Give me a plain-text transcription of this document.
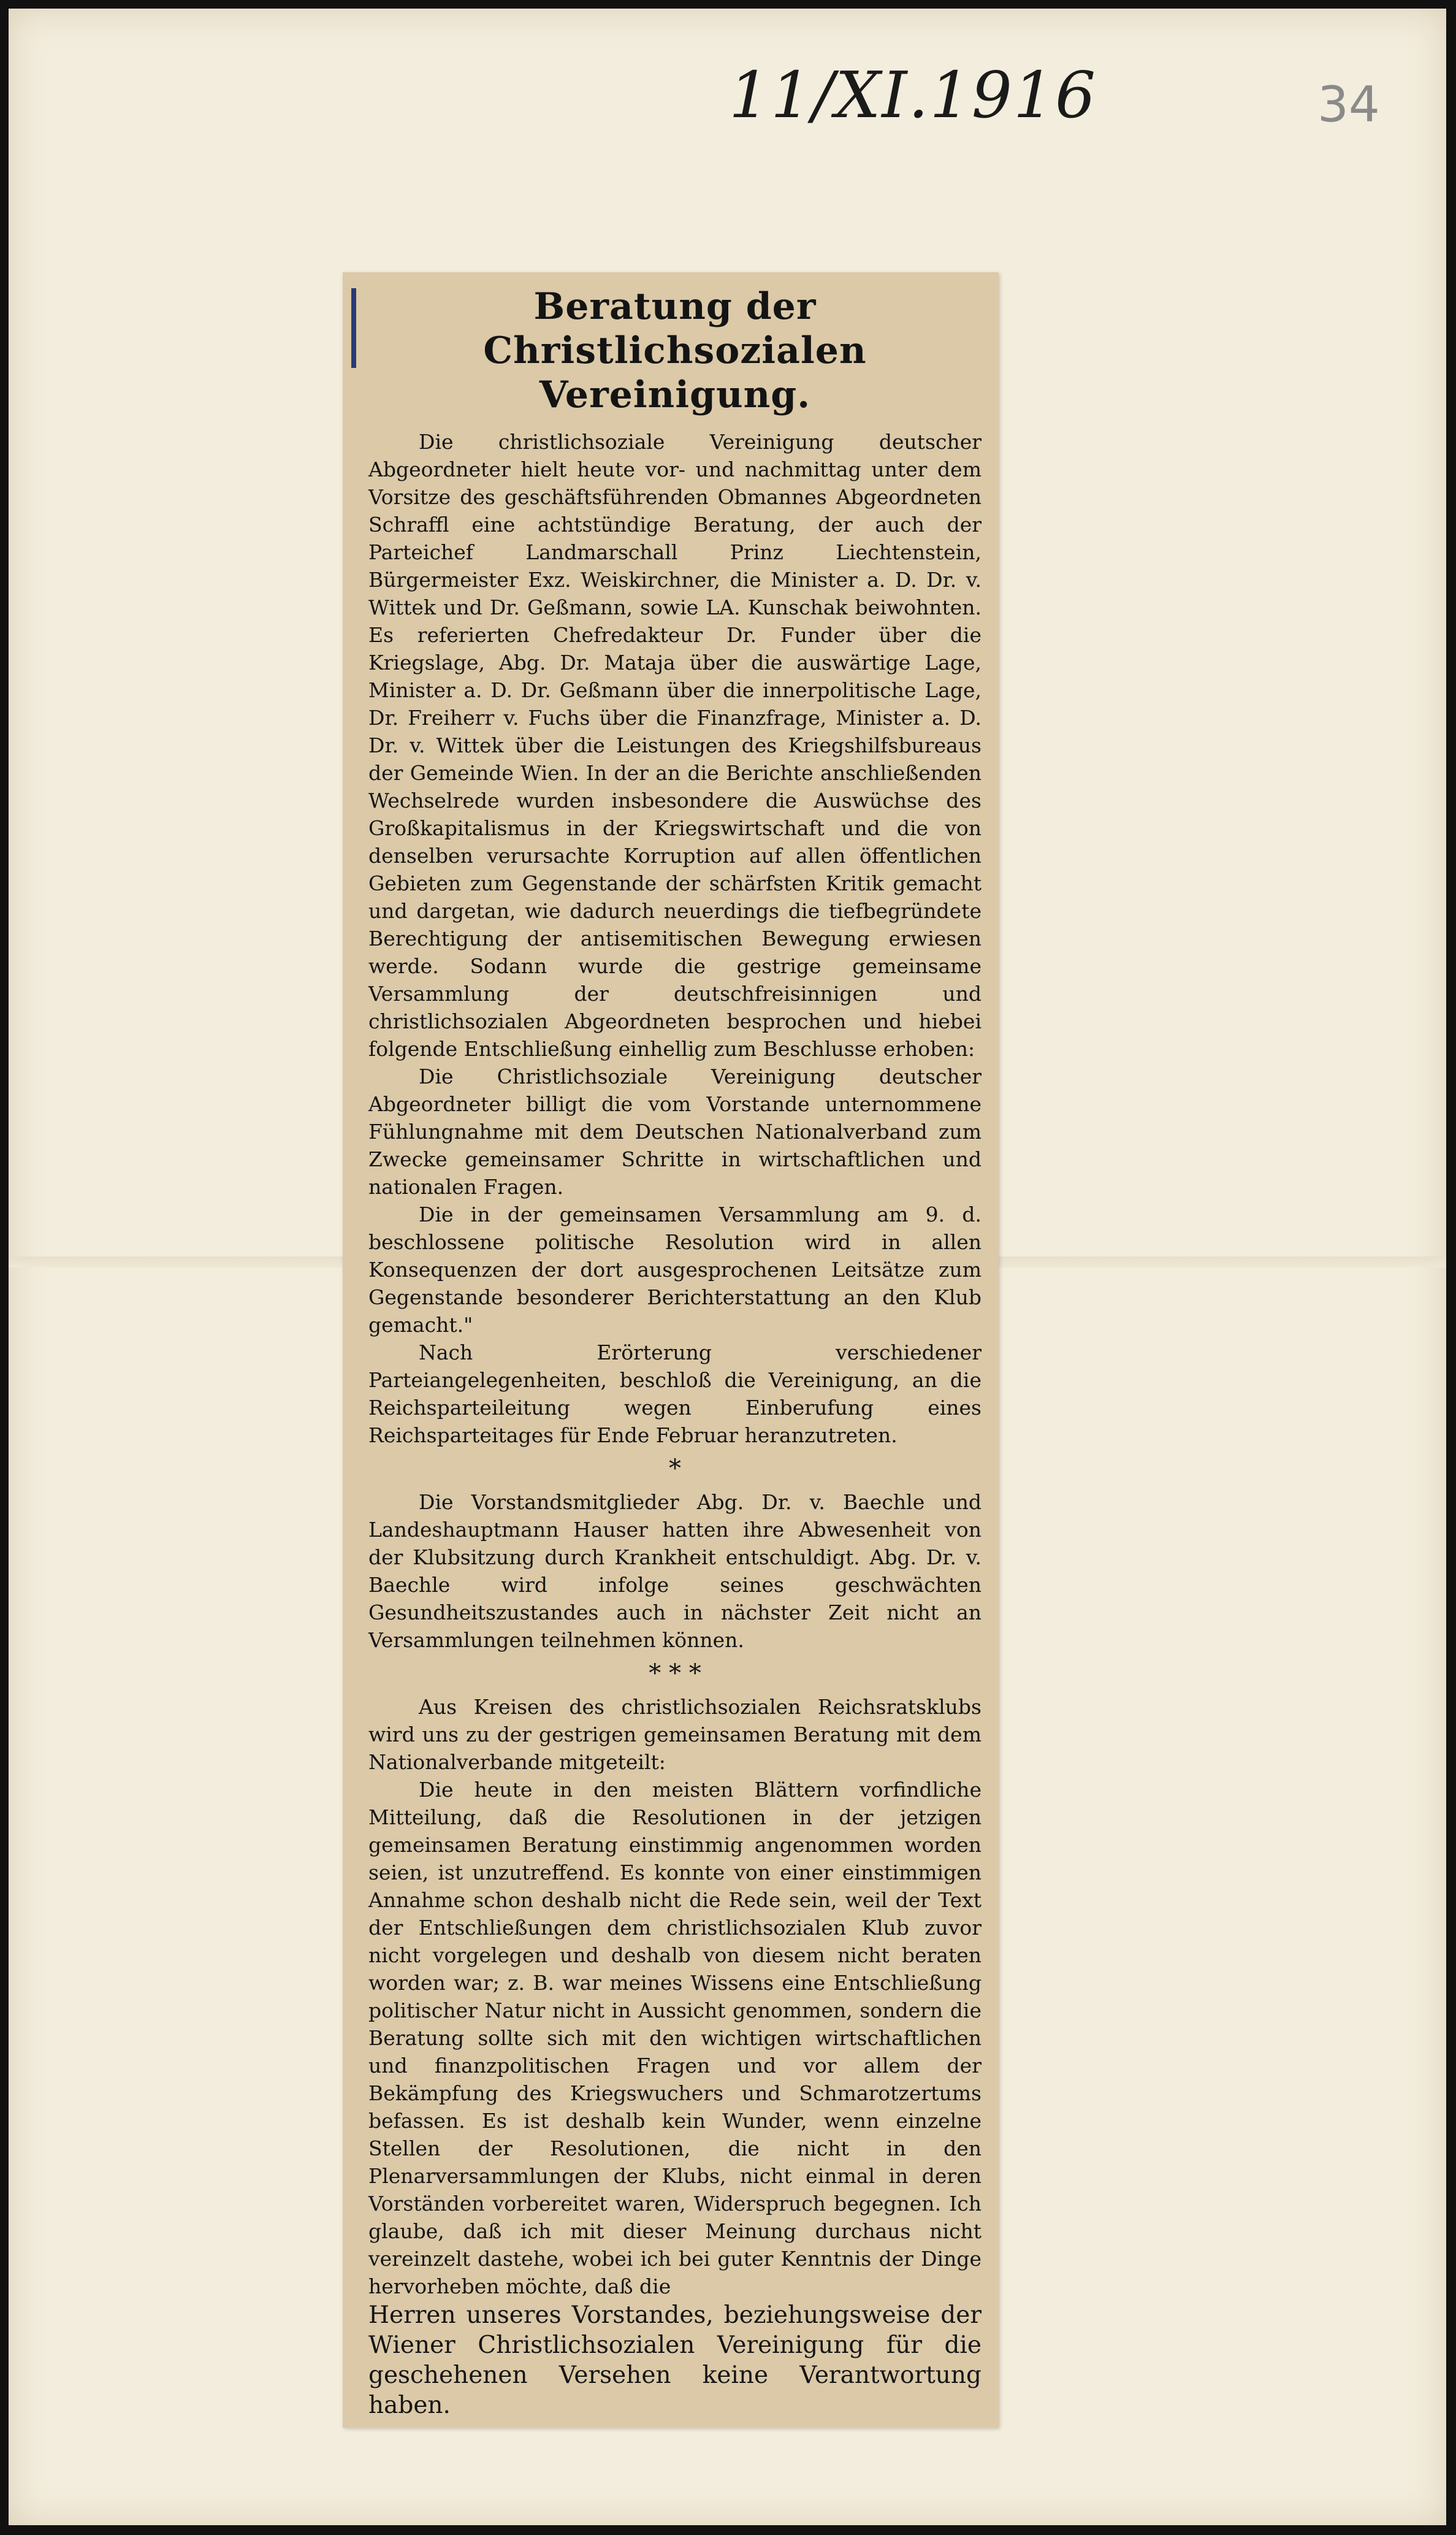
11/XI.1916	34
Beratung der Christlichsozialen Vereinigung.

Die christlichsoziale Vereinigung deutscher Abgeordneter hielt heute vor- und nachmittag unter dem Vorsitze des geschäftsführenden Obmannes Abgeordneten Schraffl eine achtstündige Beratung, der auch der Parteichef Landmarschall Prinz Liechtenstein, Bürgermeister Exz. Weiskirchner, die Minister a. D. Dr. v. Wittek und Dr. Geßmann, sowie LA. Kunschak beiwohnten. Es referierten Chefredakteur Dr. Funder über die Kriegslage, Abg. Dr. Mataja über die auswärtige Lage, Minister a. D. Dr. Geßmann über die innerpolitische Lage, Dr. Freiherr v. Fuchs über die Finanzfrage, Minister a. D. Dr. v. Wittek über die Leistungen des Kriegshilfsbureaus der Gemeinde Wien. In der an die Berichte anschließenden Wechselrede wurden insbesondere die Auswüchse des Großkapitalismus in der Kriegswirtschaft und die von denselben verursachte Korruption auf allen öffentlichen Gebieten zum Gegenstande der schärfsten Kritik gemacht und dargetan, wie dadurch neuerdings die tiefbegründete Berechtigung der antisemitischen Bewegung erwiesen werde. Sodann wurde die gestrige gemeinsame Versammlung der deutschfreisinnigen und christlichsozialen Abgeordneten besprochen und hiebei folgende Entschließung einhellig zum Beschlusse erhoben:

Die Christlichsoziale Vereinigung deutscher Abgeordneter billigt die vom Vorstande unternommene Fühlungnahme mit dem Deutschen Nationalverband zum Zwecke gemeinsamer Schritte in wirtschaftlichen und nationalen Fragen.

Die in der gemeinsamen Versammlung am 9. d. beschlossene politische Resolution wird in allen Konsequenzen der dort ausgesprochenen Leitsätze zum Gegenstande besonderer Berichterstattung an den Klub gemacht."

Nach Erörterung verschiedener Parteiangelegenheiten, beschloß die Vereinigung, an die Reichsparteileitung wegen Einberufung eines Reichsparteitages für Ende Februar heranzutreten.

*

Die Vorstandsmitglieder Abg. Dr. v. Baechle und Landeshauptmann Hauser hatten ihre Abwesenheit von der Klubsitzung durch Krankheit entschuldigt. Abg. Dr. v. Baechle wird infolge seines geschwächten Gesundheitszustandes auch in nächster Zeit nicht an Versammlungen teilnehmen können.

* * *

Aus Kreisen des christlichsozialen Reichsratsklubs wird uns zu der gestrigen gemeinsamen Beratung mit dem Nationalverbande mitgeteilt:

Die heute in den meisten Blättern vorfindliche Mitteilung, daß die Resolutionen in der jetzigen gemeinsamen Beratung einstimmig angenommen worden seien, ist unzutreffend. Es konnte von einer einstimmigen Annahme schon deshalb nicht die Rede sein, weil der Text der Entschließungen dem christlichsozialen Klub zuvor nicht vorgelegen und deshalb von diesem nicht beraten worden war; z. B. war meines Wissens eine Entschließung politischer Natur nicht in Aussicht genommen, sondern die Beratung sollte sich mit den wichtigen wirtschaftlichen und finanzpolitischen Fragen und vor allem der Bekämpfung des Kriegswuchers und Schmarotzertums befassen. Es ist deshalb kein Wunder, wenn einzelne Stellen der Resolutionen, die nicht in den Plenarversammlungen der Klubs, nicht einmal in deren Vorständen vorbereitet waren, Widerspruch begegnen. Ich glaube, daß ich mit dieser Meinung durchaus nicht vereinzelt dastehe, wobei ich bei guter Kenntnis der Dinge hervorheben möchte, daß die

Herren unseres Vorstandes, beziehungsweise der Wiener Christlichsozialen Vereinigung für die geschehenen Versehen keine Verantwortung haben.
